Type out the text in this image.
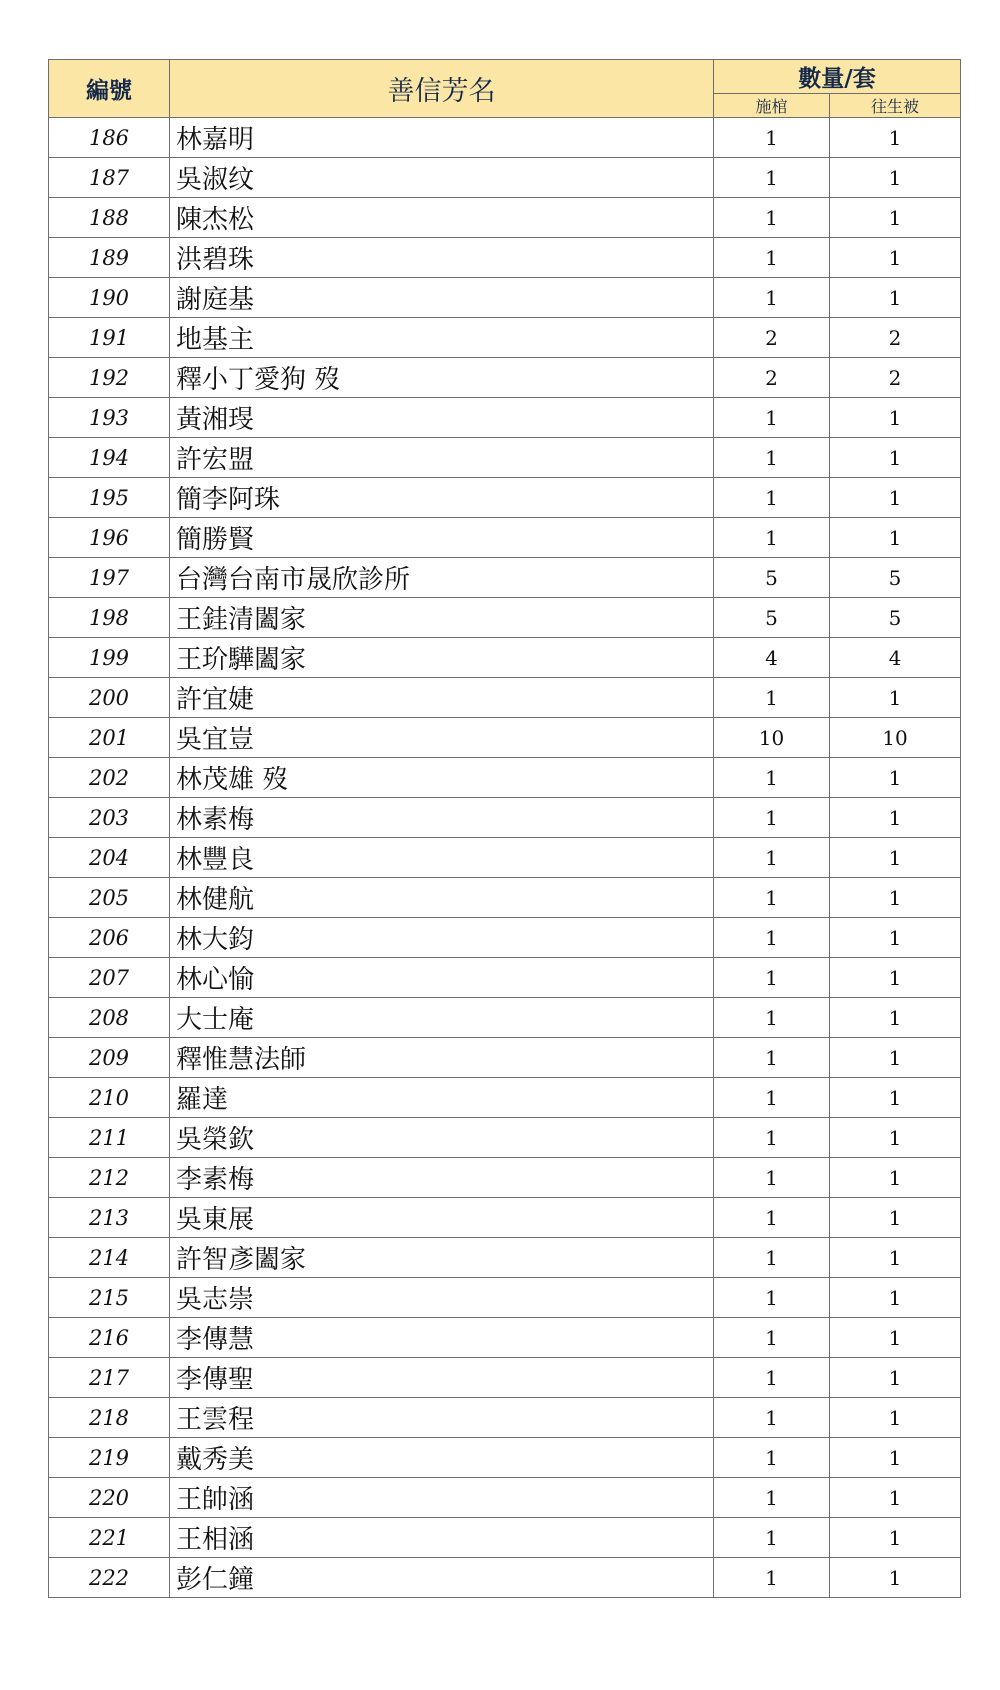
編號	善信芳名	數量/套	
		施棺	往生被
186	林嘉明	1	1
187	吳淑纹	1	1
188	陳杰松	1	1
189	洪碧珠	1	1
190	謝庭基	1	1
191	地基主	2	2
192	釋小丁愛狗 歿	2	2
193	黃湘琝	1	1
194	許宏盟	1	1
195	簡李阿珠	1	1
196	簡勝賢	1	1
197	台灣台南市晟欣診所	5	5
198	王銈清闔家	5	5
199	王玠驊闔家	4	4
200	許宜婕	1	1
201	吳宜豈	10	10
202	林茂雄 歿	1	1
203	林素梅	1	1
204	林豐良	1	1
205	林健航	1	1
206	林大鈞	1	1
207	林心愉	1	1
208	大士庵	1	1
209	釋惟慧法師	1	1
210	羅達	1	1
211	吳榮欽	1	1
212	李素梅	1	1
213	吳東展	1	1
214	許智彥闔家	1	1
215	吳志崇	1	1
216	李傳慧	1	1
217	李傳聖	1	1
218	王雲程	1	1
219	戴秀美	1	1
220	王帥涵	1	1
221	王相涵	1	1
222	彭仁鐘	1	1
